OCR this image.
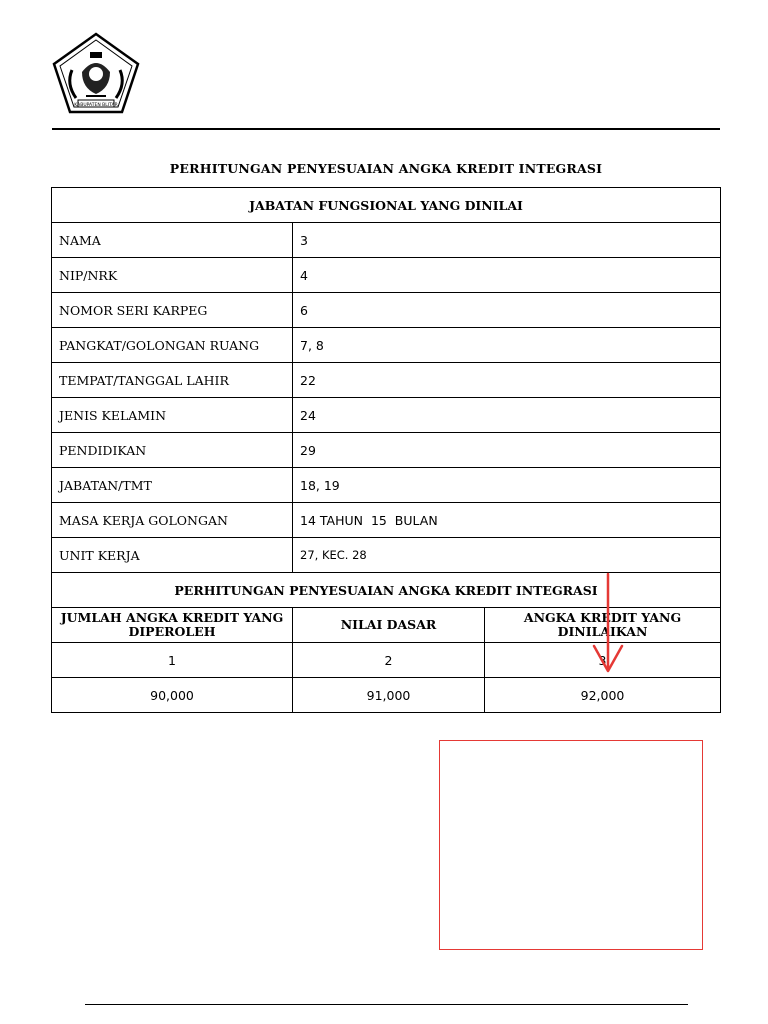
KABUPATEN BLITAR
PERHITUNGAN PENYESUAIAN ANGKA KREDIT INTEGRASI
JABATAN FUNGSIONAL YANG DINILAI		
NAMA	3	
NIP/NRK	4	
NOMOR SERI KARPEG	6	
PANGKAT/GOLONGAN RUANG	7, 8	
TEMPAT/TANGGAL LAHIR	22	
JENIS KELAMIN	24	
PENDIDIKAN	29	
JABATAN/TMT	18, 19	
MASA KERJA GOLONGAN	14 TAHUN  15  BULAN	
UNIT KERJA	27, KEC. 28	
PERHITUNGAN PENYESUAIAN ANGKA KREDIT INTEGRASI		
JUMLAH ANGKA KREDIT YANG DIPEROLEH	NILAI DASAR	ANGKA KREDIT YANG DINILAIKAN
1	2	3
90,000	91,000	92,000
